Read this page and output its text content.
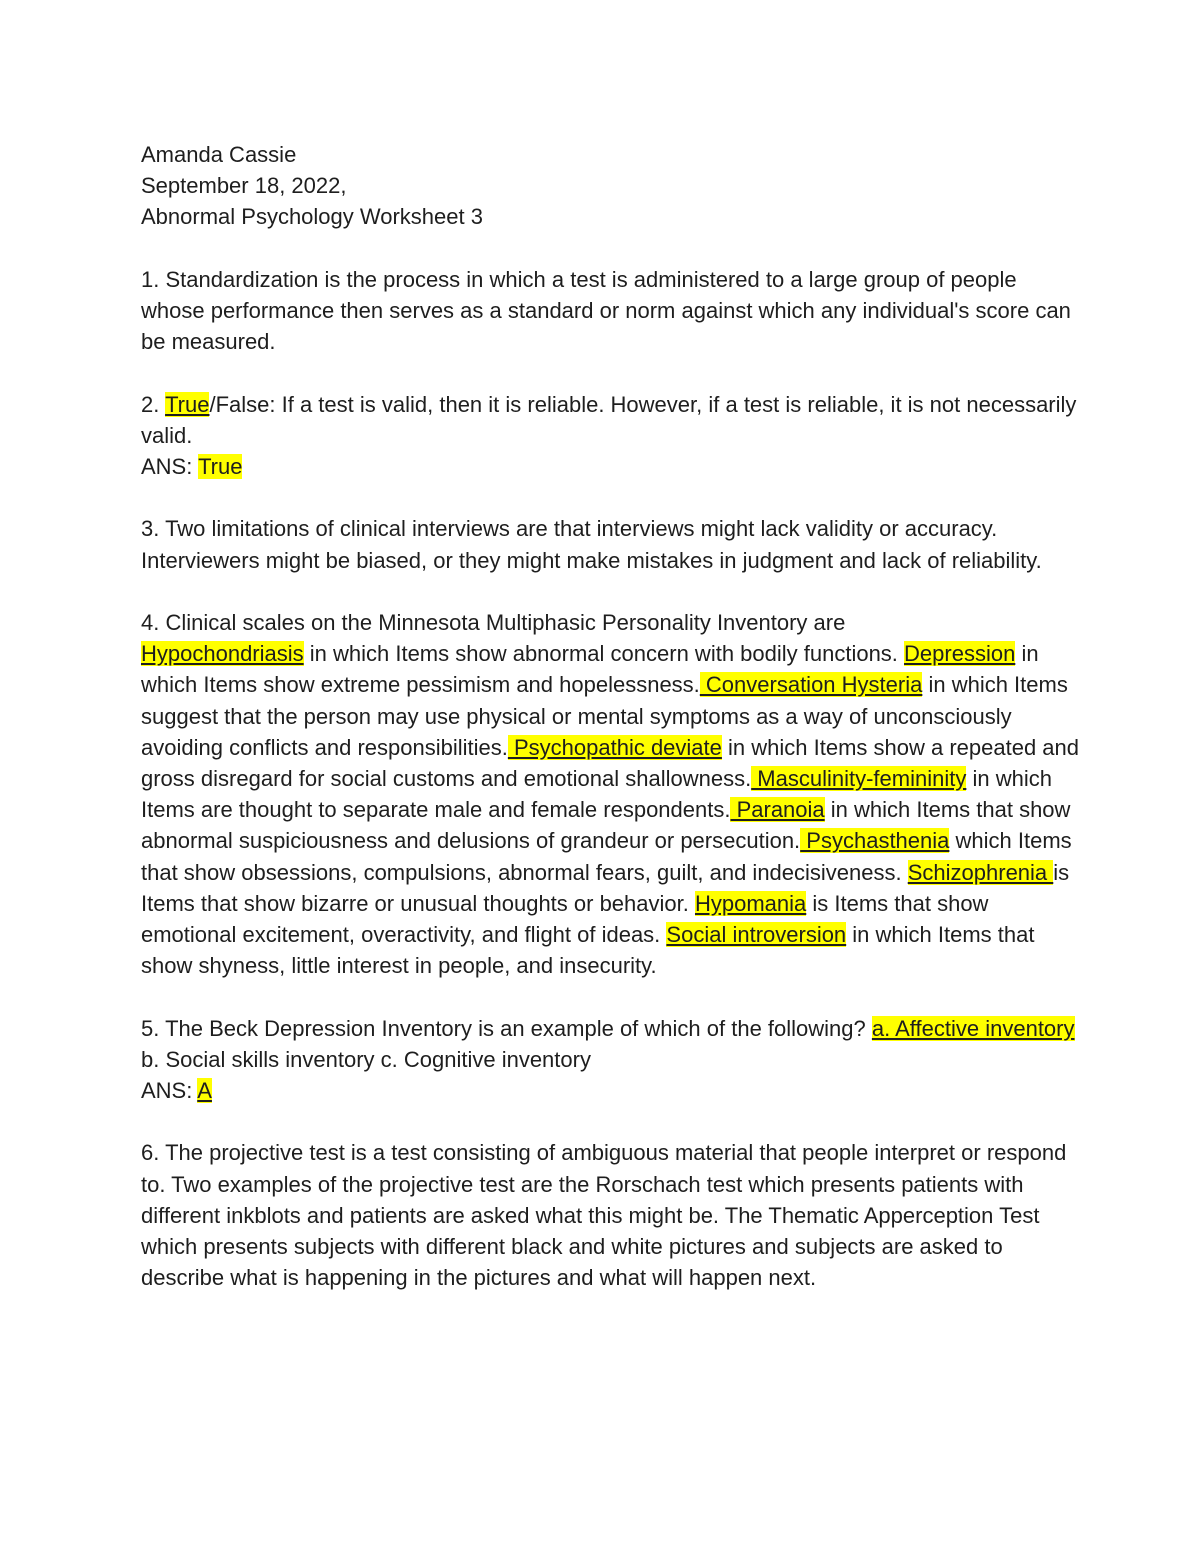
Amanda Cassie
September 18, 2022,
Abnormal Psychology Worksheet 3

1. Standardization is the process in which a test is administered to a large group of people whose performance then serves as a standard or norm against which any individual's score can be measured.

2. True/False: If a test is valid, then it is reliable. However, if a test is reliable, it is not necessarily valid.
ANS: True

3. Two limitations of clinical interviews are that interviews might lack validity or accuracy. Interviewers might be biased, or they might make mistakes in judgment and lack of reliability.

4. Clinical scales on the Minnesota Multiphasic Personality Inventory are
Hypochondriasis in which Items show abnormal concern with bodily functions. Depression in which Items show extreme pessimism and hopelessness. Conversation Hysteria in which Items suggest that the person may use physical or mental symptoms as a way of unconsciously avoiding conflicts and responsibilities. Psychopathic deviate in which Items show a repeated and gross disregard for social customs and emotional shallowness. Masculinity-femininity in which Items are thought to separate male and female respondents. Paranoia in which Items that show abnormal suspiciousness and delusions of grandeur or persecution. Psychasthenia which Items that show obsessions, compulsions, abnormal fears, guilt, and indecisiveness. Schizophrenia is Items that show bizarre or unusual thoughts or behavior. Hypomania is Items that show emotional excitement, overactivity, and flight of ideas. Social introversion in which Items that show shyness, little interest in people, and insecurity.
5. The Beck Depression Inventory is an example of which of the following? a. Affective inventory b. Social skills inventory c. Cognitive inventory
ANS: A

6. The projective test is a test consisting of ambiguous material that people interpret or respond to. Two examples of the projective test are the Rorschach test which presents patients with different inkblots and patients are asked what this might be. The Thematic Apperception Test which presents subjects with different black and white pictures and subjects are asked to describe what is happening in the pictures and what will happen next.
